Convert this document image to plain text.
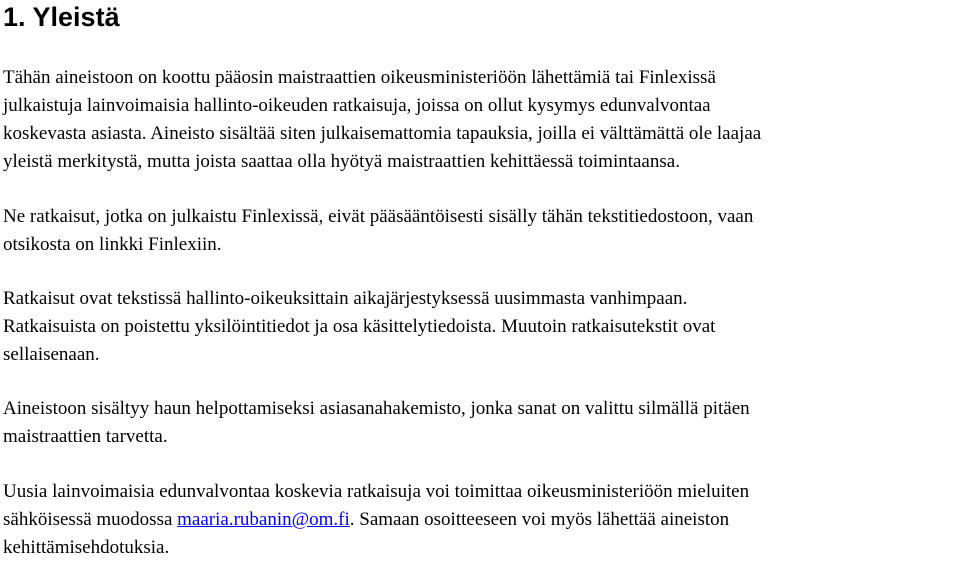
1. Yleistä

Tähän aineistoon on koottu pääosin maistraattien oikeusministeriöön lähettämiä tai Finlexissä
julkaistuja lainvoimaisia hallinto-oikeuden ratkaisuja, joissa on ollut kysymys edunvalvontaa
koskevasta asiasta. Aineisto sisältää siten julkaisemattomia tapauksia, joilla ei välttämättä ole laajaa
yleistä merkitystä, mutta joista saattaa olla hyötyä maistraattien kehittäessä toimintaansa.

Ne ratkaisut, jotka on julkaistu Finlexissä, eivät pääsääntöisesti sisälly tähän tekstitiedostoon, vaan
otsikosta on linkki Finlexiin.

Ratkaisut ovat tekstissä hallinto-oikeuksittain aikajärjestyksessä uusimmasta vanhimpaan.
Ratkaisuista on poistettu yksilöintitiedot ja osa käsittelytiedoista. Muutoin ratkaisutekstit ovat
sellaisenaan.

Aineistoon sisältyy haun helpottamiseksi asiasanahakemisto, jonka sanat on valittu silmällä pitäen
maistraattien tarvetta.

Uusia lainvoimaisia edunvalvontaa koskevia ratkaisuja voi toimittaa oikeusministeriöön mieluiten
sähköisessä muodossa maaria.rubanin@om.fi. Samaan osoitteeseen voi myös lähettää aineiston
kehittämisehdotuksia.
